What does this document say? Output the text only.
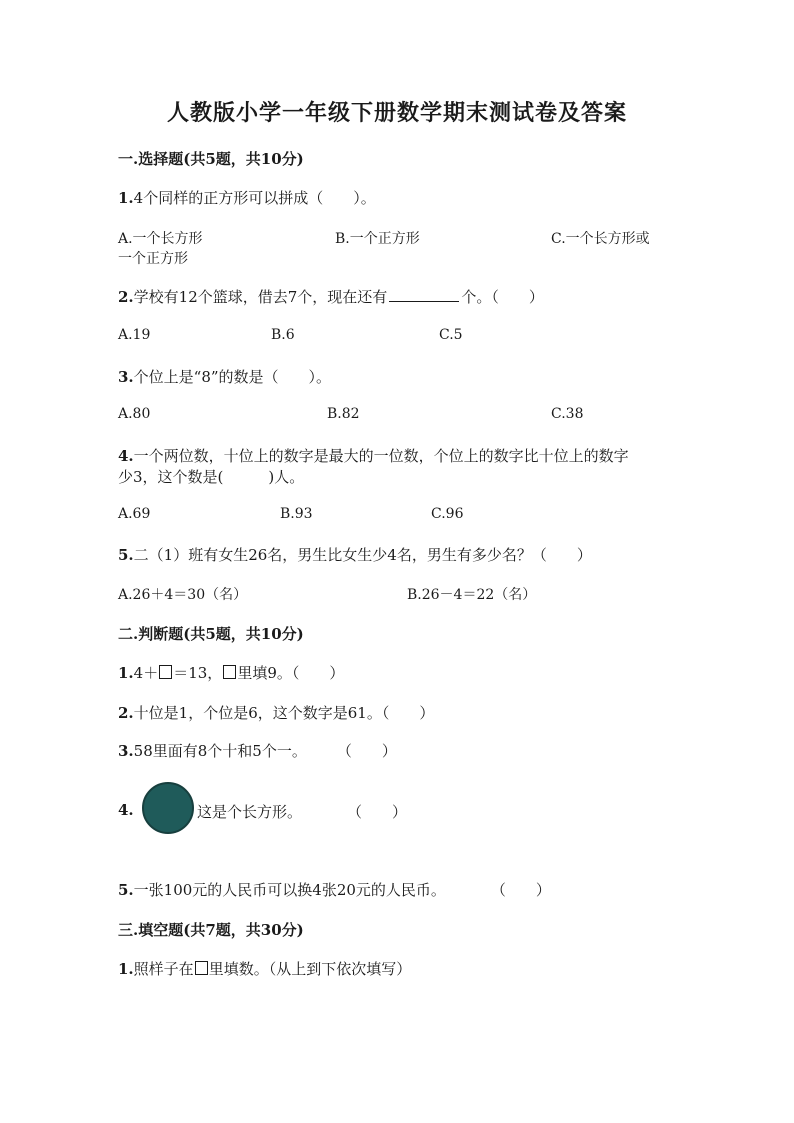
人教版小学一年级下册数学期末测试卷及答案
一.选择题(共5题，共10分)
1.4个同样的正方形可以拼成（　　）。
A.一个长方形	B.一个正方形	C.一个长方形或
一个正方形
2.学校有12个篮球，借去7个，现在还有	个。（　　）
A.19	B.6	C.5
3.个位上是“8”的数是（　　）。
A.80	B.82	C.38
4.一个两位数，十位上的数字是最大的一位数，个位上的数字比十位上的数字
少3，这个数是(　　　)人。
A.69	B.93	C.96
5.二（1）班有女生26名，男生比女生少4名，男生有多少名？（　　）
A.26＋4＝30（名）	B.26－4＝22（名）
二.判断题(共5题，共10分)
1.4＋ ＝13， 里填9。（　　）
2.十位是1，个位是6，这个数字是61。（　　）
3.58里面有8个十和5个一。　　　（　　）
4.	这是个长方形。　　　　（　　）
5.一张100元的人民币可以换4张20元的人民币。　　　　（　　）
三.填空题(共7题，共30分)
1.照样子在 里填数。（从上到下依次填写）
